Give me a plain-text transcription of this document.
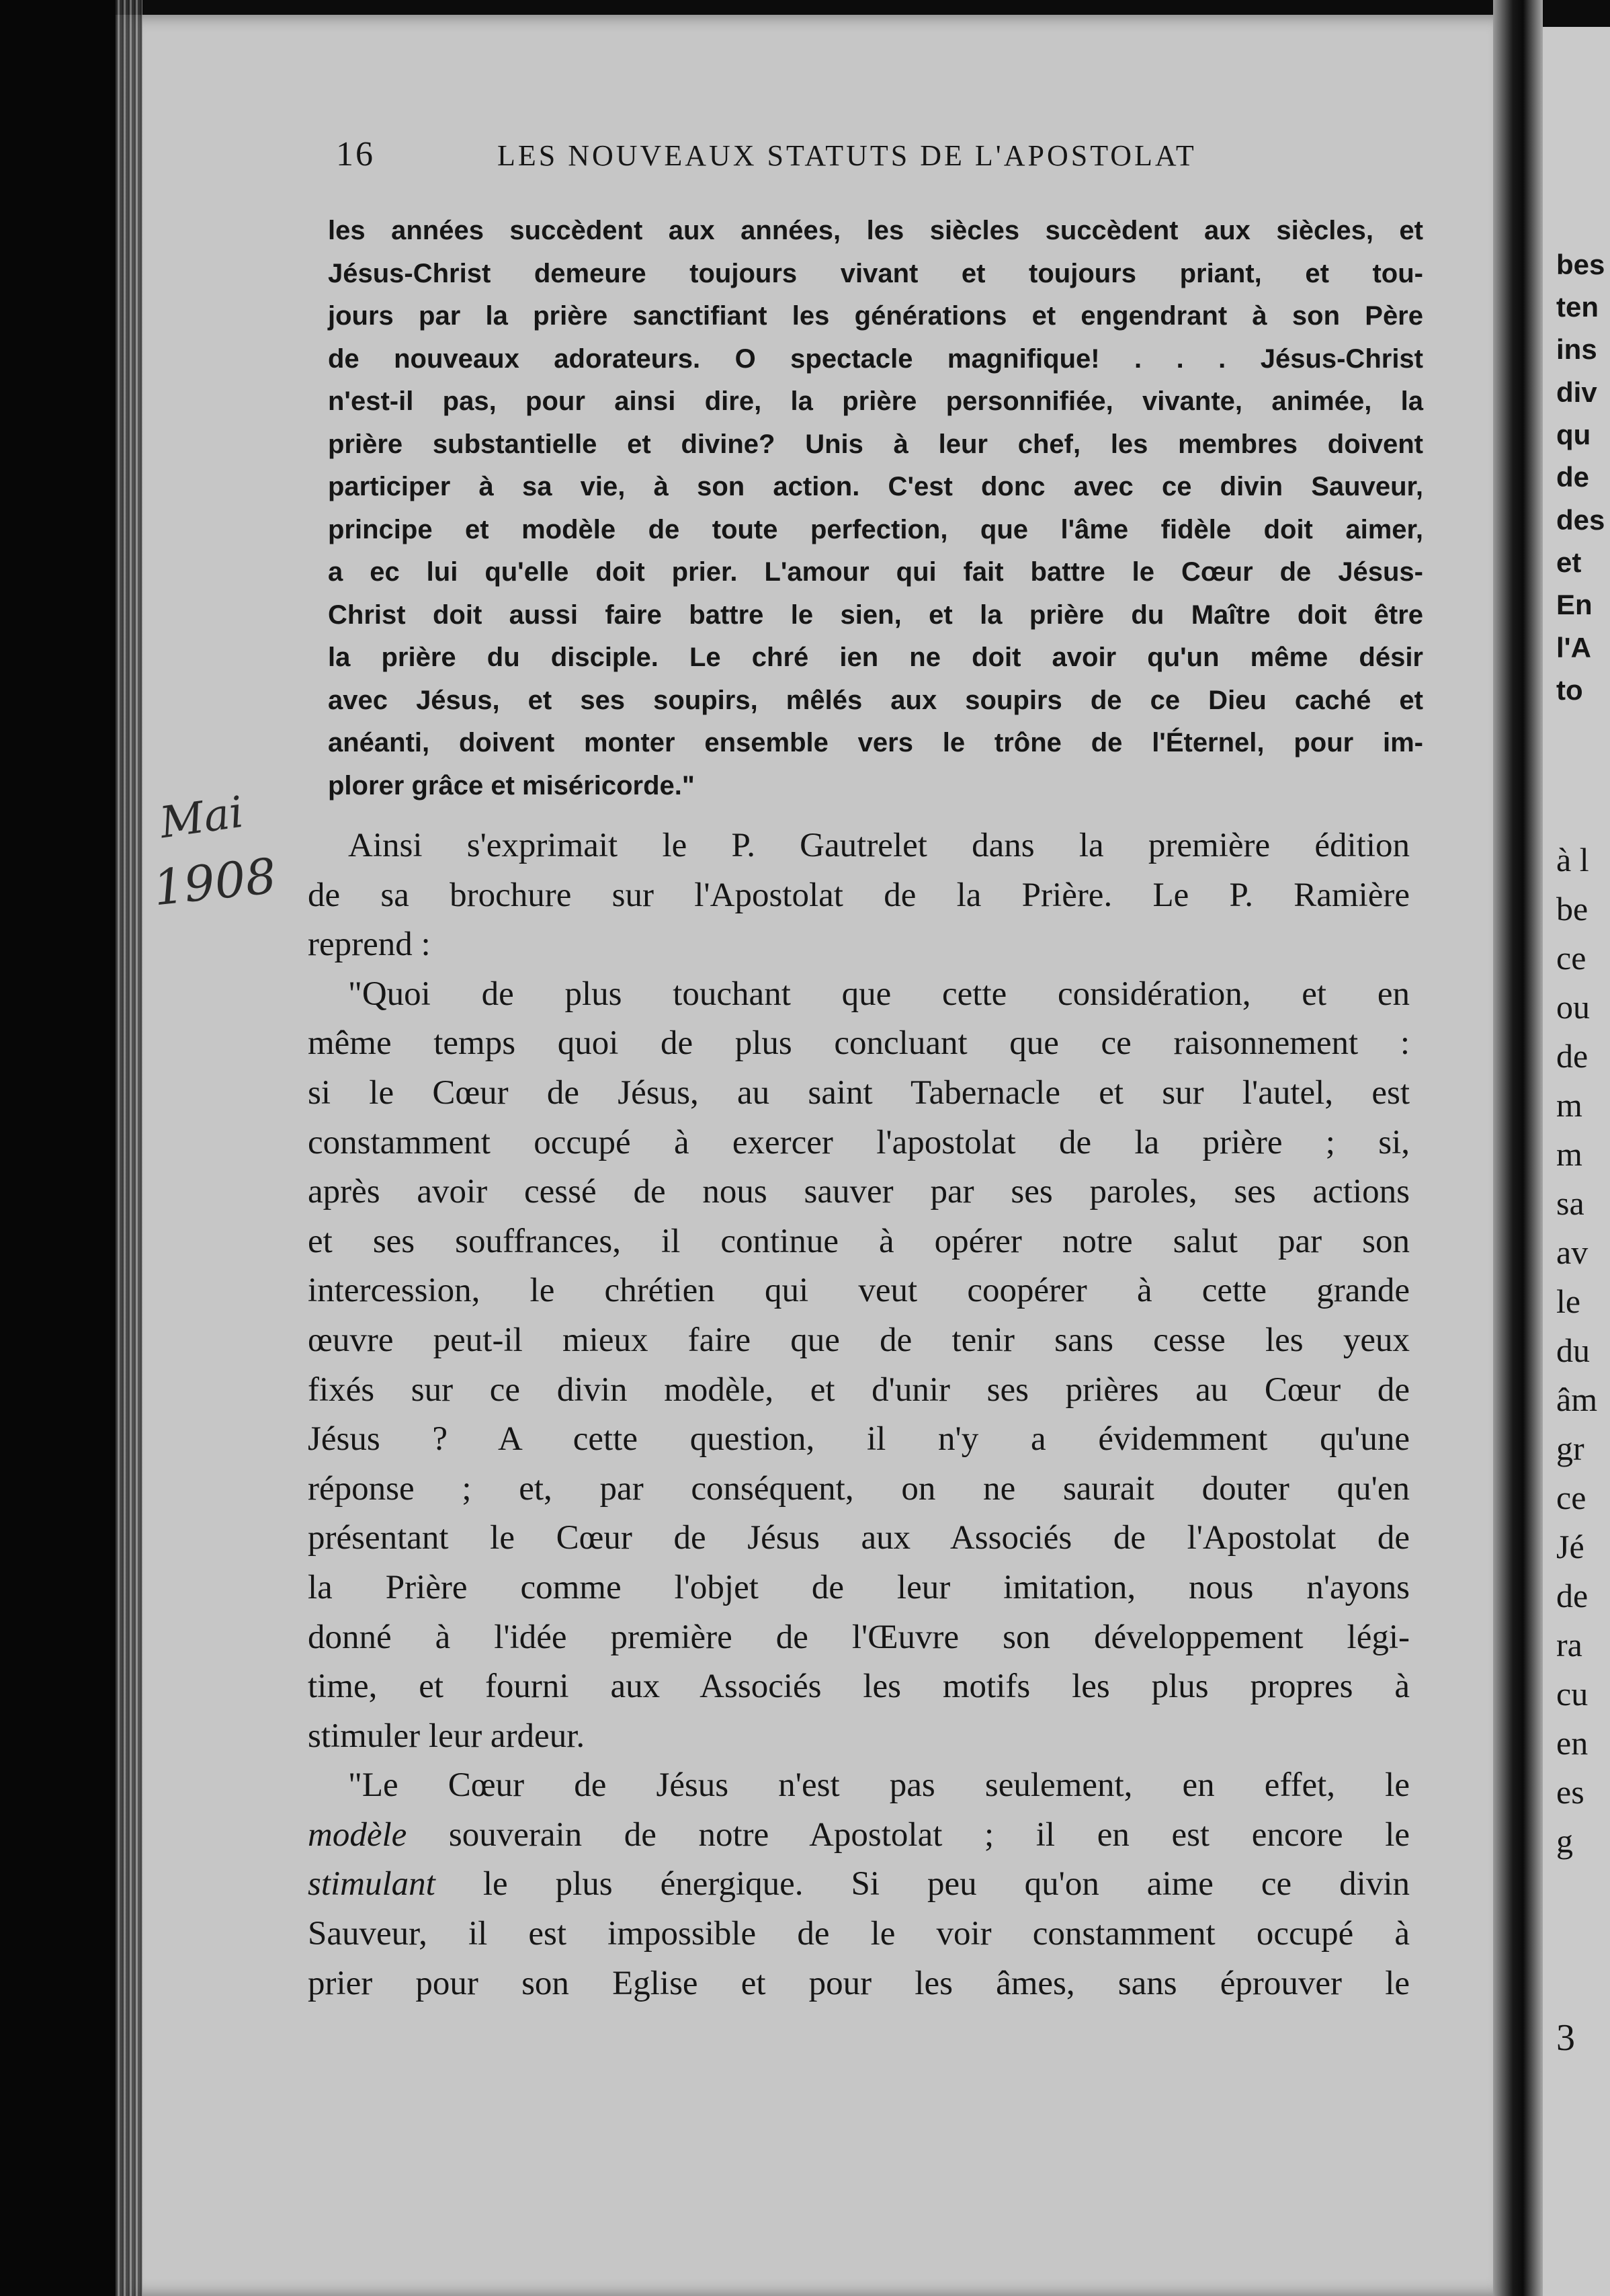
16	LES NOUVEAUX STATUTS DE L'APOSTOLAT
les années succèdent aux années, les siècles succèdent aux siècles, et
Jésus-Christ demeure toujours vivant et toujours priant, et tou-
jours par la prière sanctifiant les générations et engendrant à son Père
de nouveaux adorateurs. O spectacle magnifique! . . . Jésus-Christ
n'est-il pas, pour ainsi dire, la prière personnifiée, vivante, animée, la
prière substantielle et divine? Unis à leur chef, les membres doivent
participer à sa vie, à son action. C'est donc avec ce divin Sauveur,
principe et modèle de toute perfection, que l'âme fidèle doit aimer,
a ec lui qu'elle doit prier. L'amour qui fait battre le Cœur de Jésus-
Christ doit aussi faire battre le sien, et la prière du Maître doit être
la prière du disciple. Le chré ien ne doit avoir qu'un même désir
avec Jésus, et ses soupirs, mêlés aux soupirs de ce Dieu caché et
anéanti, doivent monter ensemble vers le trône de l'Éternel, pour im-
plorer grâce et miséricorde."
Mai
1908
Ainsi s'exprimait le P. Gautrelet dans la première édition
de sa brochure sur l'Apostolat de la Prière. Le P. Ramière
reprend :
"Quoi de plus touchant que cette considération, et en
même temps quoi de plus concluant que ce raisonnement :
si le Cœur de Jésus, au saint Tabernacle et sur l'autel, est
constamment occupé à exercer l'apostolat de la prière ; si,
après avoir cessé de nous sauver par ses paroles, ses actions
et ses souffrances, il continue à opérer notre salut par son
intercession, le chrétien qui veut coopérer à cette grande
œuvre peut-il mieux faire que de tenir sans cesse les yeux
fixés sur ce divin modèle, et d'unir ses prières au Cœur de
Jésus ? A cette question, il n'y a évidemment qu'une
réponse ; et, par conséquent, on ne saurait douter qu'en
présentant le Cœur de Jésus aux Associés de l'Apostolat de
la Prière comme l'objet de leur imitation, nous n'ayons
donné à l'idée première de l'Œuvre son développement légi-
time, et fourni aux Associés les motifs les plus propres à
stimuler leur ardeur.
"Le Cœur de Jésus n'est pas seulement, en effet, le
modèle souverain de notre Apostolat ; il en est encore le
stimulant le plus énergique. Si peu qu'on aime ce divin
Sauveur, il est impossible de le voir constamment occupé à
prier pour son Eglise et pour les âmes, sans éprouver le
bes
ten
ins
div
qu
de
des
et
En
l'A
to
à l
be
ce
ou
de
m
m
sa
av
le
du
âm
gr
ce
Jé
de
ra
cu
en
es
g
3
